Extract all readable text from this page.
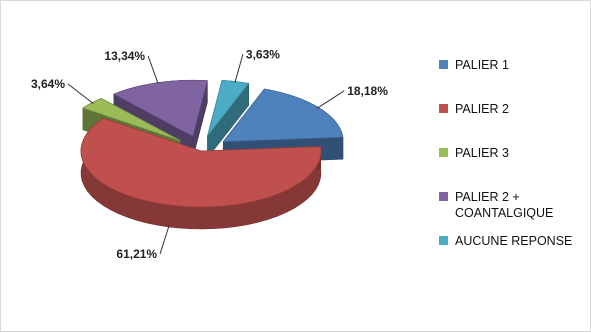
18,18%
61,21%
3,64%
13,34%	3,63%
PALIER 1
PALIER 2
PALIER 3
PALIER 2 +
COANTALGIQUE
AUCUNE REPONSE
